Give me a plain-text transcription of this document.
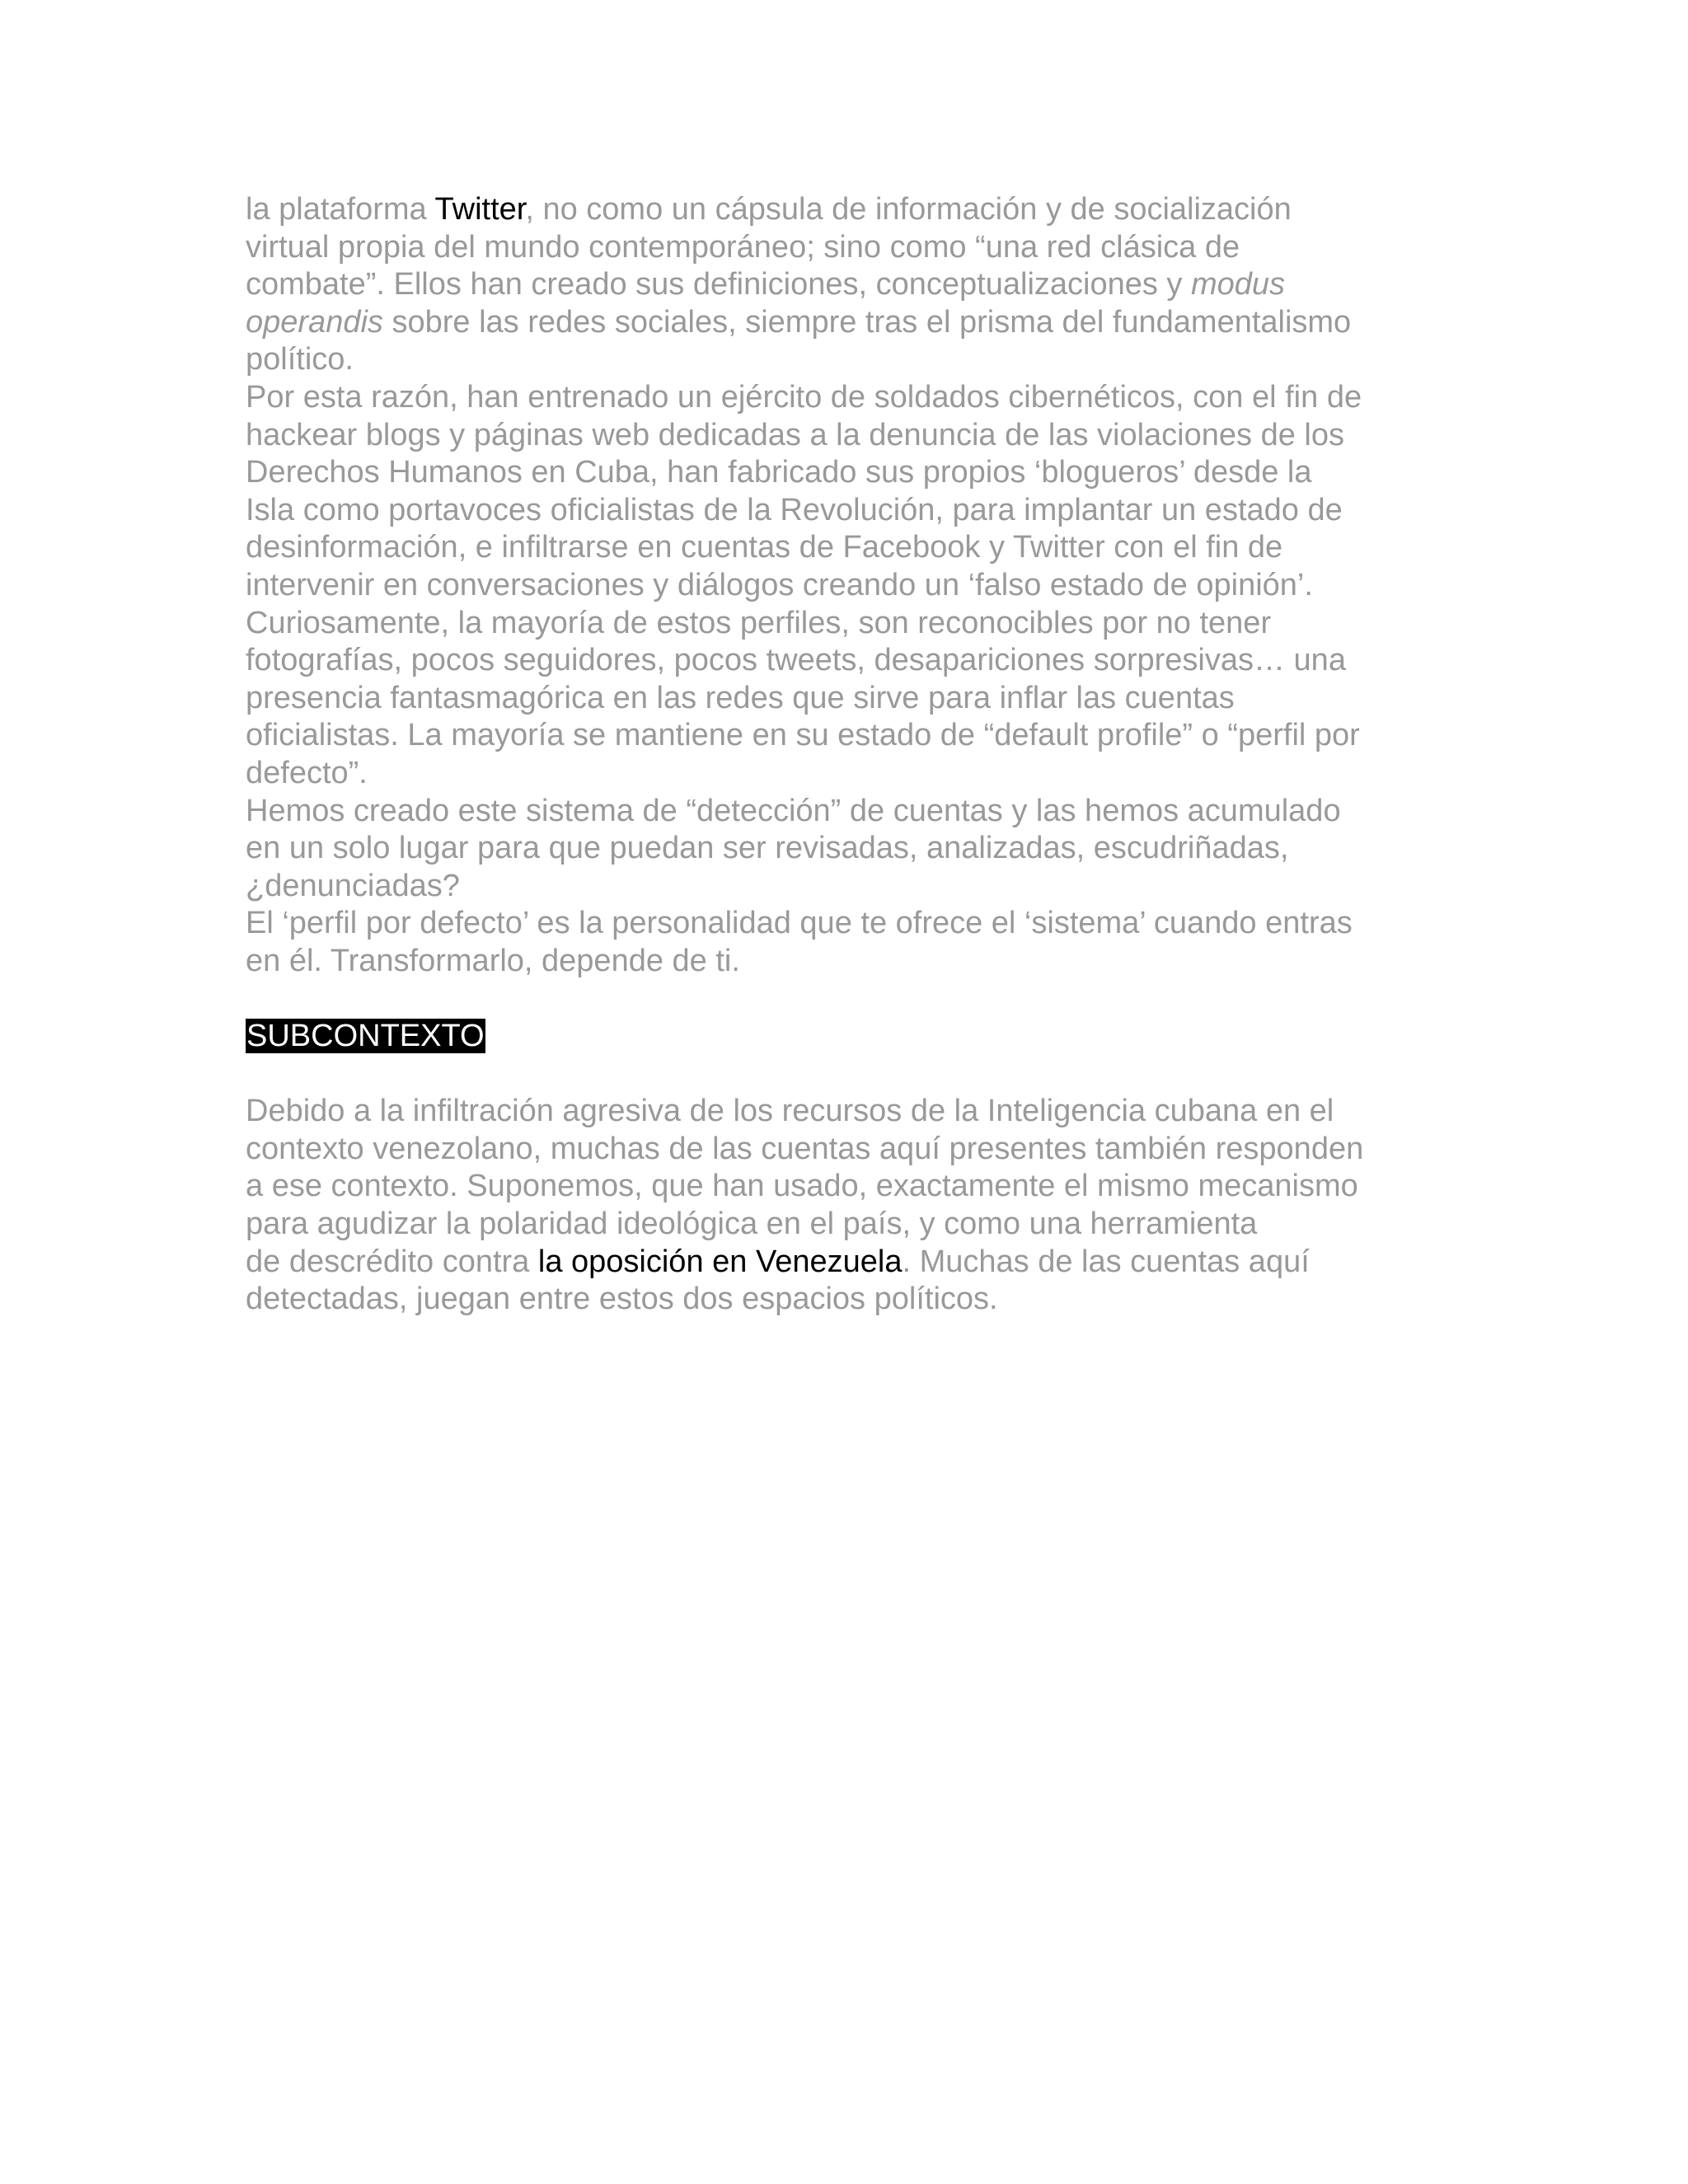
la plataforma Twitter, no como un cápsula de información y de socialización
virtual propia del mundo contemporáneo; sino como “una red clásica de
combate”. Ellos han creado sus definiciones, conceptualizaciones y modus
operandis sobre las redes sociales, siempre tras el prisma del fundamentalismo
político.
Por esta razón, han entrenado un ejército de soldados cibernéticos, con el fin de
hackear blogs y páginas web dedicadas a la denuncia de las violaciones de los
Derechos Humanos en Cuba, han fabricado sus propios ‘blogueros’ desde la
Isla como portavoces oficialistas de la Revolución, para implantar un estado de
desinformación, e infiltrarse en cuentas de Facebook y Twitter con el fin de
intervenir en conversaciones y diálogos creando un ‘falso estado de opinión’.
Curiosamente, la mayoría de estos perfiles, son reconocibles por no tener
fotografías, pocos seguidores, pocos tweets, desapariciones sorpresivas… una
presencia fantasmagórica en las redes que sirve para inflar las cuentas
oficialistas. La mayoría se mantiene en su estado de “default profile” o “perfil por
defecto”.
Hemos creado este sistema de “detección” de cuentas y las hemos acumulado
en un solo lugar para que puedan ser revisadas, analizadas, escudriñadas,
¿denunciadas?
El ‘perfil por defecto’ es la personalidad que te ofrece el ‘sistema’ cuando entras
en él. Transformarlo, depende de ti.
SUBCONTEXTO
Debido a la infiltración agresiva de los recursos de la Inteligencia cubana en el
contexto venezolano, muchas de las cuentas aquí presentes también responden
a ese contexto. Suponemos, que han usado, exactamente el mismo mecanismo
para agudizar la polaridad ideológica en el país, y como una herramienta
de descrédito contra la oposición en Venezuela. Muchas de las cuentas aquí
detectadas, juegan entre estos dos espacios políticos.
